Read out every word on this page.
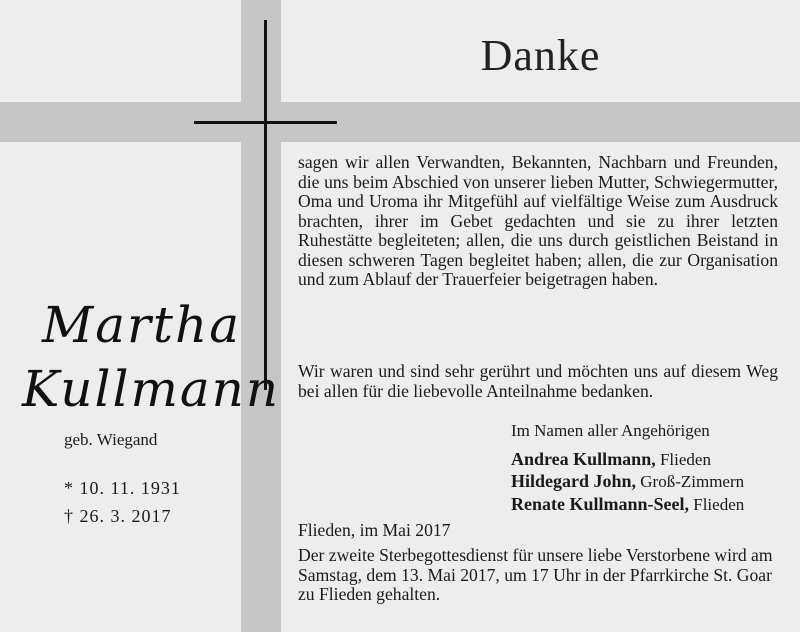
Danke
Martha
Kullmann
geb. Wiegand
* 10. 11. 1931
† 26. 3. 2017
sagen wir allen Verwandten, Bekannten, Nachbarn und Freunden, die uns beim Abschied von unserer lieben Mutter, Schwiegermutter, Oma und Uroma ihr Mitgefühl auf vielfältige Weise zum Ausdruck brachten, ihrer im Gebet gedachten und sie zu ihrer letzten Ruhestätte begleiteten; allen, die uns durch geistlichen Beistand in diesen schweren Tagen begleitet haben; allen, die zur Organisation und zum Ablauf der Trauerfeier beigetragen haben.
Wir waren und sind sehr gerührt und möchten uns auf diesem Weg bei allen für die liebevolle Anteilnahme bedanken.
Im Namen aller Angehörigen
Andrea Kullmann, Flieden
Hildegard John, Groß-Zimmern
Renate Kullmann-Seel, Flieden
Flieden, im Mai 2017
Der zweite Sterbegottesdienst für unsere liebe Verstorbene wird am Samstag, dem 13. Mai 2017, um 17 Uhr in der Pfarrkirche St. Goar zu Flieden gehalten.
